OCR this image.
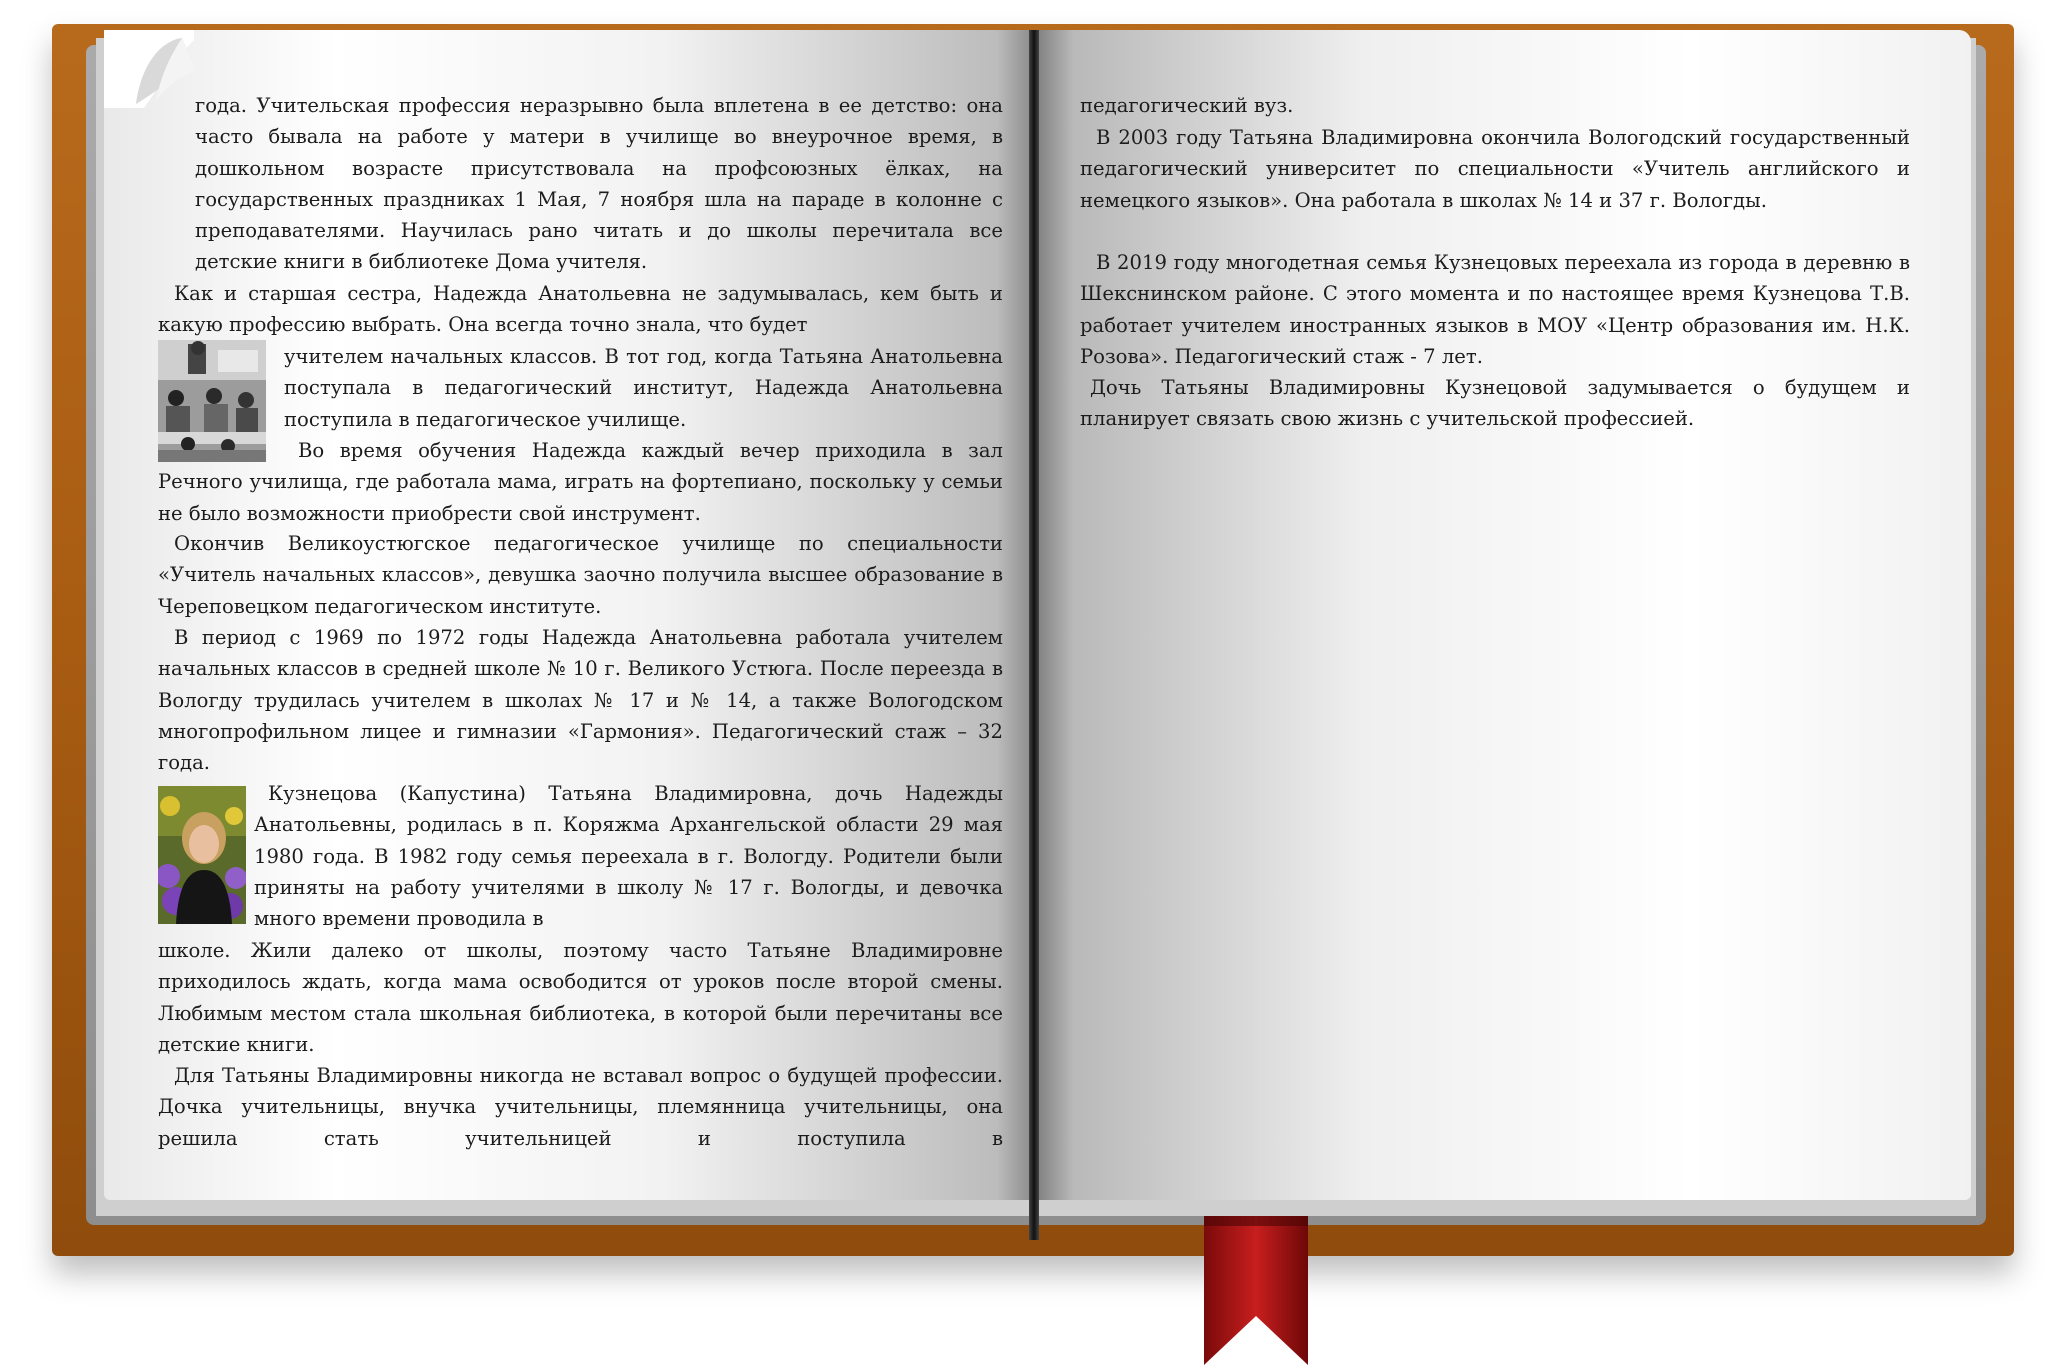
года. Учительская профессия неразрывно была вплетена в ее детство: она часто бывала на работе у матери в училище во внеурочное время, в дошкольном возрасте присутствовала на профсоюзных ёлках, на государственных праздниках 1 Мая, 7 ноября шла на параде в колонне с преподавателями. Научилась рано читать и до школы перечитала все детские книги в библиотеке Дома учителя.

Как и старшая сестра, Надежда Анатольевна не задумывалась, кем быть и какую профессию выбрать. Она всегда точно знала, что будет

учителем начальных классов. В тот год, когда Татьяна Анатольевна поступала в педагогический институт, Надежда Анатольевна поступила в педагогическое училище.

Во время обучения Надежда каждый вечер приходила в зал Речного училища, где работала мама, играть на фортепиано, поскольку у семьи не было возможности приобрести свой инструмент.

Окончив Великоустюгское педагогическое училище по специальности «Учитель начальных классов», девушка заочно получила высшее образование в Череповецком педагогическом институте.

В период с 1969 по 1972 годы Надежда Анатольевна работала учителем начальных классов в средней школе № 10 г. Великого Устюга. После переезда в Вологду трудилась учителем в школах № 17 и № 14, а также Вологодском многопрофильном лицее и гимназии «Гармония». Педагогический стаж – 32 года.

Кузнецова (Капустина) Татьяна Владимировна, дочь Надежды Анатольевны, родилась в п. Коряжма Архангельской области 29 мая 1980 года. В 1982 году семья переехала в г. Вологду. Родители были приняты на работу учителями в школу № 17 г. Вологды, и девочка много времени проводила в

школе. Жили далеко от школы, поэтому часто Татьяне Владимировне приходилось ждать, когда мама освободится от уроков после второй смены. Любимым местом стала школьная библиотека, в которой были перечитаны все детские книги.

Для Татьяны Владимировны никогда не вставал вопрос о будущей профессии. Дочка учительницы, внучка учительницы, племянница учительницы, она решила стать учительницей и поступила в

педагогический вуз.

В 2003 году Татьяна Владимировна окончила Вологодский государственный педагогический университет по специальности «Учитель английского и немецкого языков». Она работала в школах № 14 и 37 г. Вологды.

В 2019 году многодетная семья Кузнецовых переехала из города в деревню в Шекснинском районе. С этого момента и по настоящее время Кузнецова Т.В. работает учителем иностранных языков в МОУ «Центр образования им. Н.К. Розова». Педагогический стаж - 7 лет.

Дочь Татьяны Владимировны Кузнецовой задумывается о будущем и планирует связать свою жизнь с учительской профессией.
